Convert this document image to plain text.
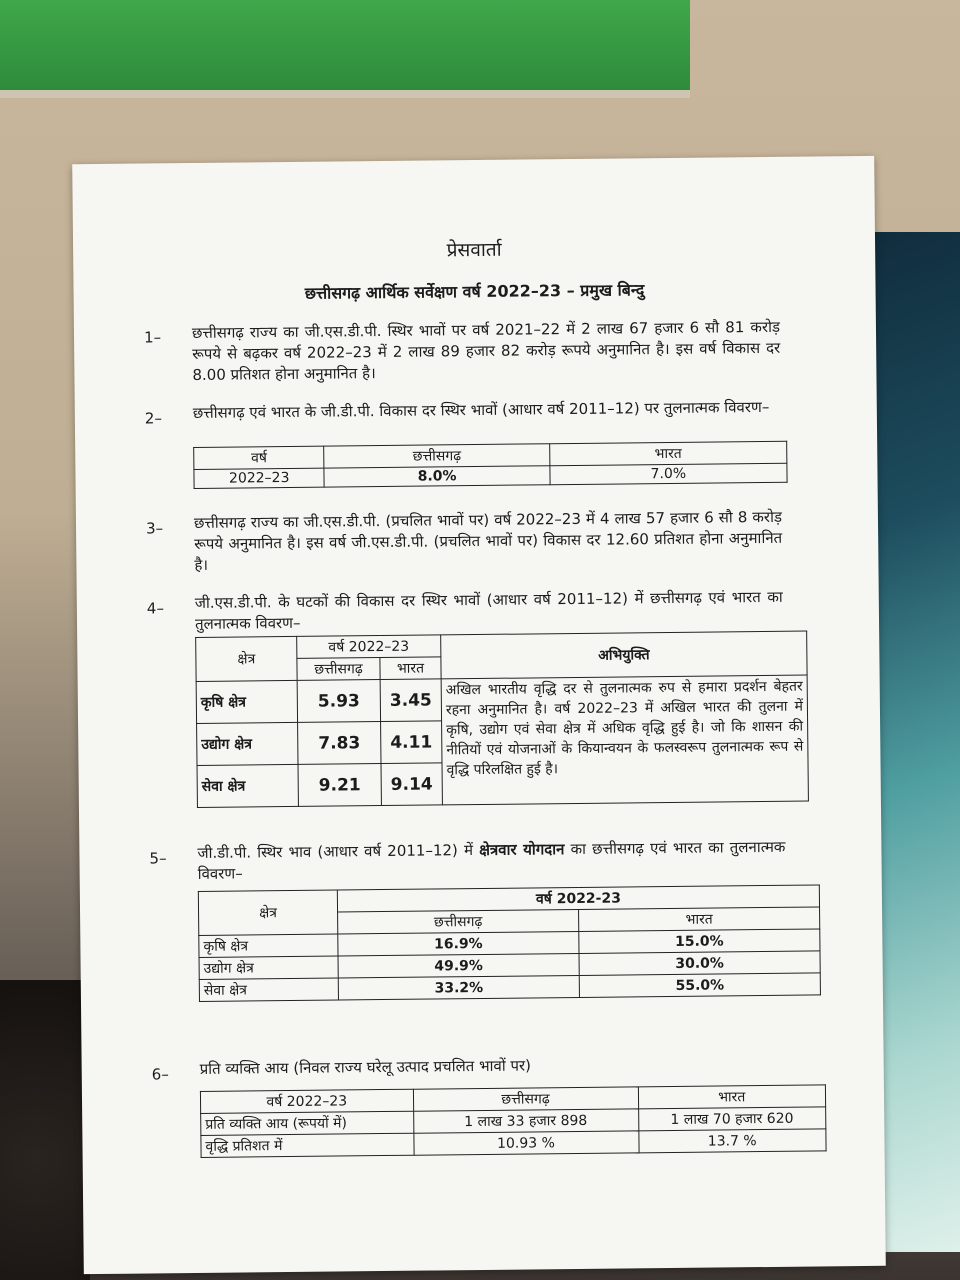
प्रेसवार्ता
छत्तीसगढ़ आर्थिक सर्वेक्षण वर्ष 2022–23 – प्रमुख बिन्दु
1– छत्तीसगढ़ राज्य का जी.एस.डी.पी. स्थिर भावों पर वर्ष 2021–22 में 2 लाख 67 हजार 6 सौ 81 करोड़ रूपये से बढ़कर वर्ष 2022–23 में 2 लाख 89 हजार 82 करोड़ रूपये अनुमानित है। इस वर्ष विकास दर 8.00 प्रतिशत होना अनुमानित है।
2– छत्तीसगढ़ एवं भारत के जी.डी.पी. विकास दर स्थिर भावों (आधार वर्ष 2011–12) पर तुलनात्मक विवरण–
वर्ष	छत्तीसगढ़	भारत
2022–23	8.0%	7.0%
3– छत्तीसगढ़ राज्य का जी.एस.डी.पी. (प्रचलित भावों पर) वर्ष 2022–23 में 4 लाख 57 हजार 6 सौ 8 करोड़ रूपये अनुमानित है। इस वर्ष जी.एस.डी.पी. (प्रचलित भावों पर) विकास दर 12.60 प्रतिशत होना अनुमानित है।
4– जी.एस.डी.पी. के घटकों की विकास दर स्थिर भावों (आधार वर्ष 2011–12) में छत्तीसगढ़ एवं भारत का तुलनात्मक विवरण–
क्षेत्र	वर्ष 2022–23		अभियुक्ति
	छत्तीसगढ़	भारत	
कृषि क्षेत्र	5.93	3.45	अखिल भारतीय वृद्धि दर से तुलनात्मक रुप से हमारा प्रदर्शन बेहतर रहना अनुमानित है। वर्ष 2022–23 में अखिल भारत की तुलना में कृषि, उद्योग एवं सेवा क्षेत्र में अधिक वृद्धि हुई है। जो कि शासन की नीतियों एवं योजनाओं के कियान्वयन के फलस्वरूप तुलनात्मक रूप से वृद्धि परिलक्षित हुई है।
उद्योग क्षेत्र	7.83	4.11	
सेवा क्षेत्र	9.21	9.14	
5– जी.डी.पी. स्थिर भाव (आधार वर्ष 2011–12) में क्षेत्रवार योगदान का छत्तीसगढ़ एवं भारत का तुलनात्मक विवरण–
क्षेत्र	वर्ष 2022-23	
	छत्तीसगढ़	भारत
कृषि क्षेत्र	16.9%	15.0%
उद्योग क्षेत्र	49.9%	30.0%
सेवा क्षेत्र	33.2%	55.0%
6– प्रति व्यक्ति आय (निवल राज्य घरेलू उत्पाद प्रचलित भावों पर)
वर्ष 2022–23	छत्तीसगढ़	भारत
प्रति व्यक्ति आय (रूपयों में)	1 लाख 33 हजार 898	1 लाख 70 हजार 620
वृद्धि प्रतिशत में	10.93 %	13.7 %
